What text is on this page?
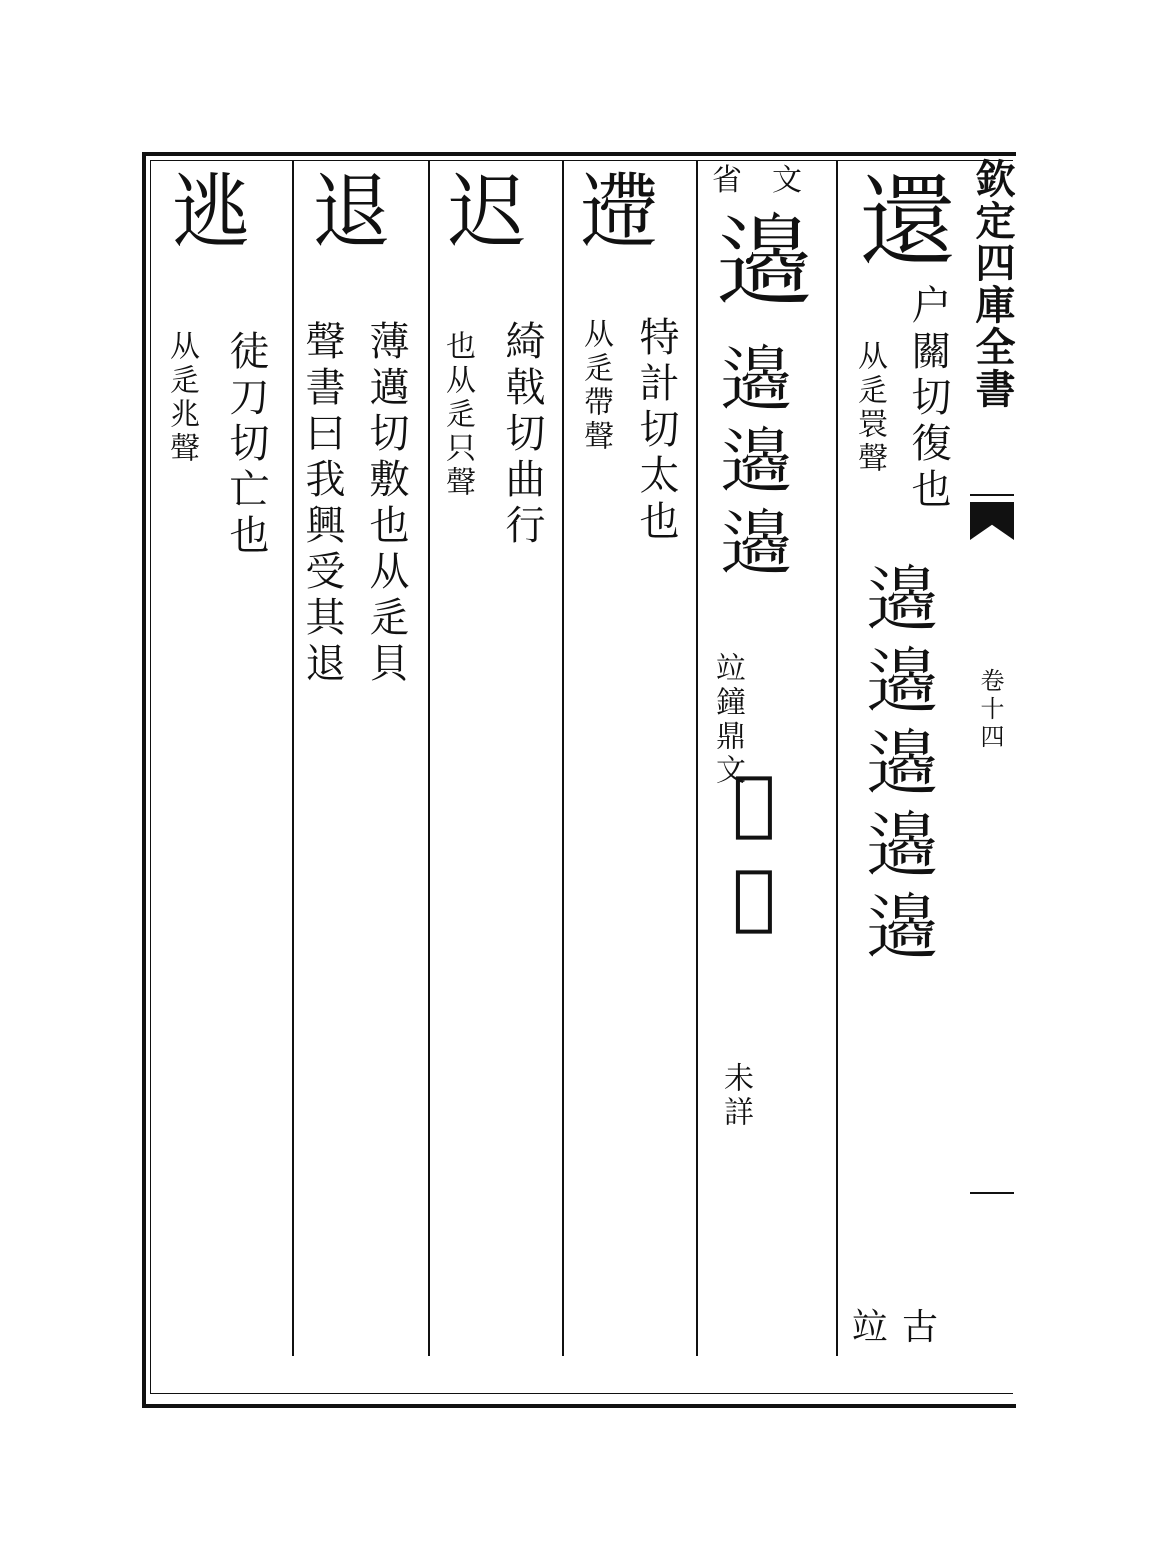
欽定四庫全書
卷十四
還
户關切復也
从辵睘聲
𨘢𨘢𨘢𨘢𨘢
竝古
省文
𨘢
𨘢𨘢𨘢
竝鐘鼎文
𠫤𠫤
未詳
遰
特計切太也
从辵帶聲
迟
綺戟切曲行
也从辵只聲
退
薄邁切敷也从辵貝
聲書曰我興受其退
逃
徒刀切亡也
从辵兆聲
